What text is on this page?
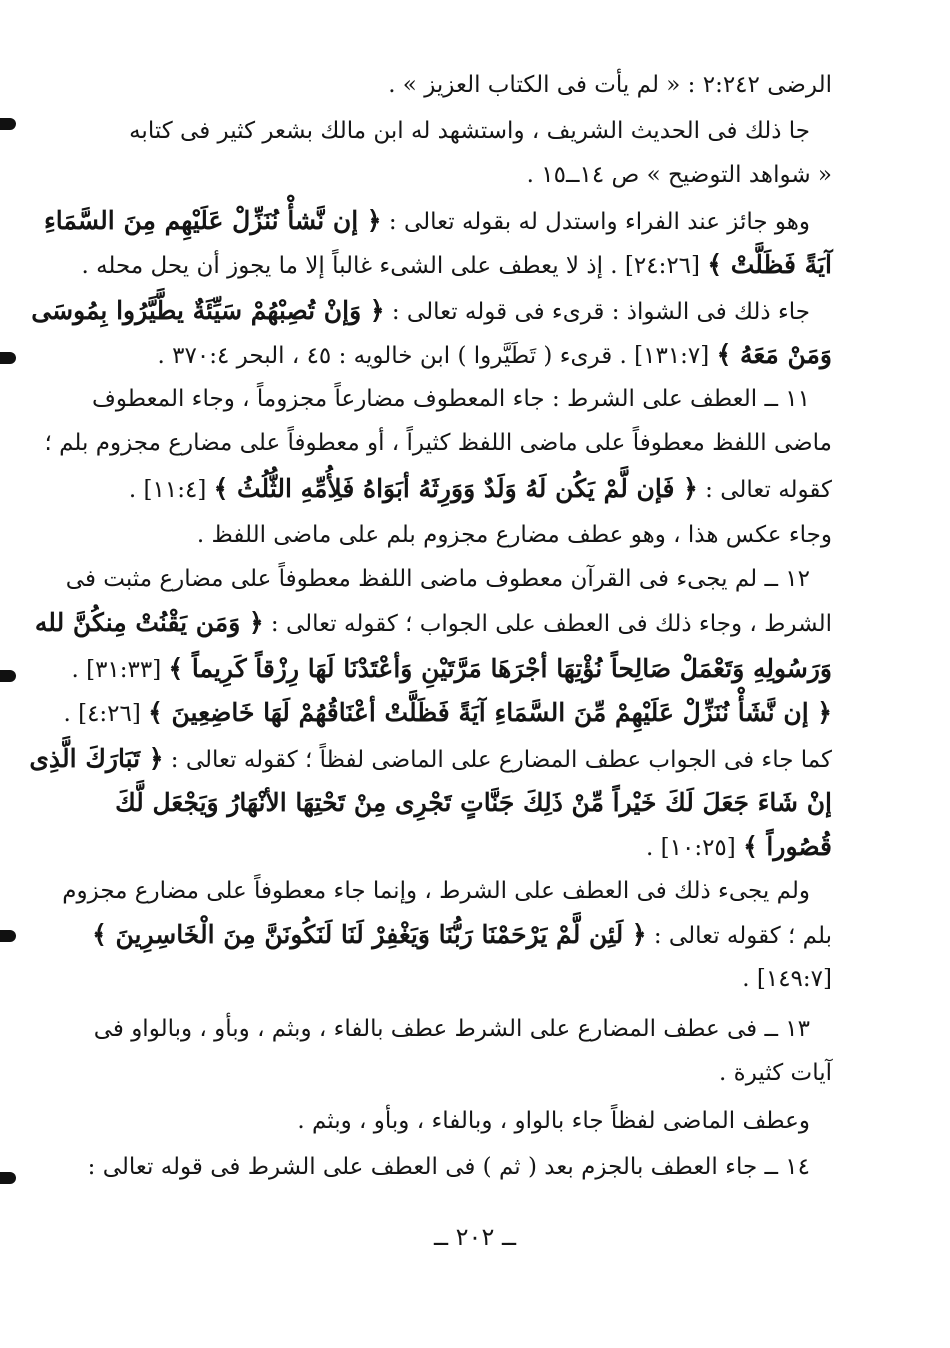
الرضى ٢:٢٤٢ : « لم يأت فى الكتاب العزيز » .
جا ذلك فى الحديث الشريف ، واستشهد له ابن مالك بشعر كثير فى كتابه
« شواهد التوضيح » ص ١٤ــ١٥ .
وهو جائز عند الفراء واستدل له بقوله تعالى : ﴿ إن نَّشأْ نُنَزِّلْ عَلَيْهِم مِنَ السَّمَاءِ
آيَةً فَظَلَّتْ ﴾ [٢٤:٢٦] . إذ لا يعطف على الشىء غالباً إلا ما يجوز أن يحل محله .
جاء ذلك فى الشواذ : قرىء فى قوله تعالى : ﴿ وَإنْ تُصِبْهُمْ سَيِّئَةٌ يطَّيَّرُوا بِمُوسَى
وَمَنْ مَعَهُ ﴾ [١٣١:٧] . قرىء ( تَطَيَّروا ) ابن خالويه : ٤٥ ، البحر ٣٧٠:٤ .
١١ ــ العطف على الشرط : جاء المعطوف مضارعاً مجزوماً ، وجاء المعطوف
ماضى اللفظ معطوفاً على ماضى اللفظ كثيراً ، أو معطوفاً على مضارع مجزوم بلم ؛
كقوله تعالى : ﴿ فَإن لَّمْ يَكُن لَهُ وَلَدٌ وَوَرِثَهُ أبَوَاهُ فَلِأُمِّهِ الثُّلُثُ ﴾ [١١:٤] .
وجاء عكس هذا ، وهو عطف مضارع مجزوم بلم على ماضى اللفظ .
١٢ ــ لم يجىء فى القرآن معطوف ماضى اللفظ معطوفاً على مضارع مثبت فى
الشرط ، وجاء ذلك فى العطف على الجواب ؛ كقوله تعالى : ﴿ وَمَن يَقْنُتْ مِنكُنَّ لله
وَرَسُولِهِ وَتَعْمَلْ صَالِحاً نُؤْتِهَا أجْرَهَا مَرَّتَيْنِ وَأعْتَدْنَا لَهَا رِزْقاً كَرِيماً ﴾ [٣١:٣٣] .
﴿ إن نَّشَأْ نُنَزِّلْ عَلَيْهِمْ مِّنَ السَّمَاءِ آيَةً فَظَلَّتْ أعْنَاقُهُمْ لَهَا خَاضِعِينَ ﴾ [٤:٢٦] .
كما جاء فى الجواب عطف المضارع على الماضى لفظاً ؛ كقوله تعالى : ﴿ تَبَارَكَ الَّذِى
إنْ شَاءَ جَعَلَ لَكَ خَيْراً مِّنْ ذَلِكَ جَنَّاتٍ تَجْرِى مِنْ تَحْتِهَا الأنْهَارُ وَيَجْعَل لَّكَ
قُصُوراً ﴾ [١٠:٢٥] .
ولم يجىء ذلك فى العطف على الشرط ، وإنما جاء معطوفاً على مضارع مجزوم
بلم ؛ كقوله تعالى : ﴿ لَئِن لَّمْ يَرْحَمْنَا رَبُّنَا وَيَغْفِرْ لَنَا لَنَكُونَنَّ مِنَ الْخَاسِرِينَ ﴾
[١٤٩:٧] .
١٣ ــ فى عطف المضارع على الشرط عطف بالفاء ، وبثم ، وبأو ، وبالواو فى
آيات كثيرة .
وعطف الماضى لفظاً جاء بالواو ، وبالفاء ، وبأو ، وبثم .
١٤ ــ جاء العطف بالجزم بعد ( ثم ) فى العطف على الشرط فى قوله تعالى :
ــ ٢٠٢ ــ
